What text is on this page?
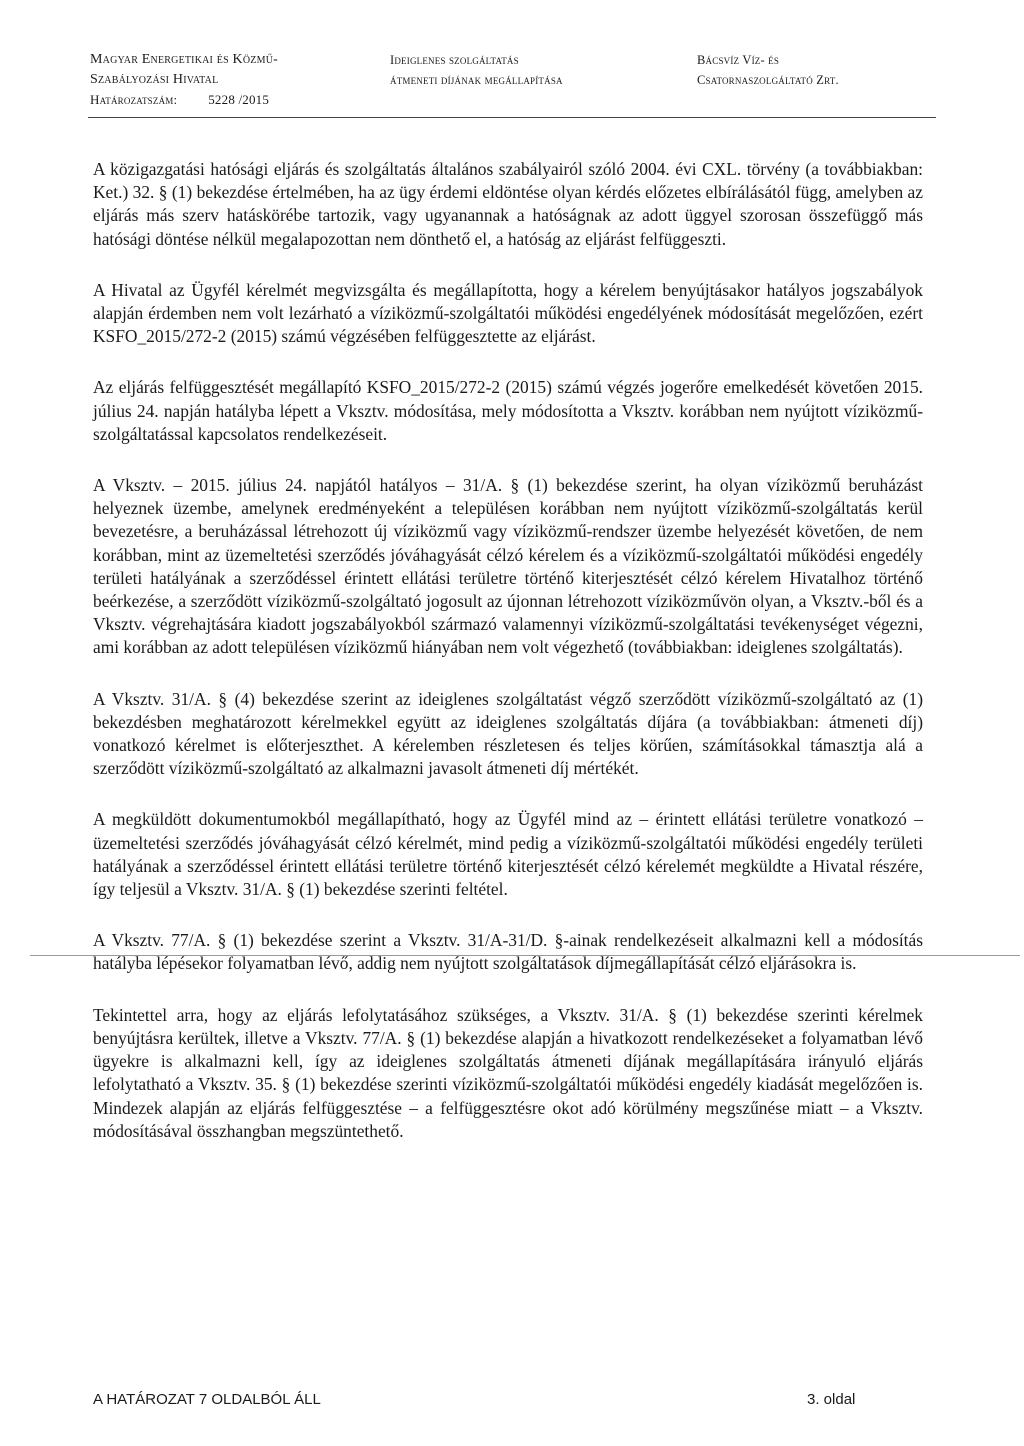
Magyar Energetikai és Közmű-
Szabályozási Hivatal
Határozatszám: 5228 /2015
Ideiglenes szolgáltatás
átmeneti díjának megállapítása
Bácsvíz Víz- és
Csatornaszolgáltató Zrt.

A közigazgatási hatósági eljárás és szolgáltatás általános szabályairól szóló 2004. évi CXL. törvény (a továbbiakban: Ket.) 32. § (1) bekezdése értelmében, ha az ügy érdemi eldöntése olyan kérdés előzetes elbírálásától függ, amelyben az eljárás más szerv hatáskörébe tartozik, vagy ugyanannak a hatóságnak az adott üggyel szorosan összefüggő más hatósági döntése nélkül megalapozottan nem dönthető el, a hatóság az eljárást felfüggeszti.

A Hivatal az Ügyfél kérelmét megvizsgálta és megállapította, hogy a kérelem benyújtásakor hatályos jogszabályok alapján érdemben nem volt lezárható a víziközmű-szolgáltatói működési engedélyének módosítását megelőzően, ezért KSFO_2015/272-2 (2015) számú végzésében felfüggesztette az eljárást.

Az eljárás felfüggesztését megállapító KSFO_2015/272-2 (2015) számú végzés jogerőre emelkedését követően 2015. július 24. napján hatályba lépett a Vksztv. módosítása, mely módosította a Vksztv. korábban nem nyújtott víziközmű-szolgáltatással kapcsolatos rendelkezéseit.

A Vksztv. – 2015. július 24. napjától hatályos – 31/A. § (1) bekezdése szerint, ha olyan víziközmű beruházást helyeznek üzembe, amelynek eredményeként a településen korábban nem nyújtott víziközmű-szolgáltatás kerül bevezetésre, a beruházással létrehozott új víziközmű vagy víziközmű-rendszer üzembe helyezését követően, de nem korábban, mint az üzemeltetési szerződés jóváhagyását célzó kérelem és a víziközmű-szolgáltatói működési engedély területi hatályának a szerződéssel érintett ellátási területre történő kiterjesztését célzó kérelem Hivatalhoz történő beérkezése, a szerződött víziközmű-szolgáltató jogosult az újonnan létrehozott víziközművön olyan, a Vksztv.-ből és a Vksztv. végrehajtására kiadott jogszabályokból származó valamennyi víziközmű-szolgáltatási tevékenységet végezni, ami korábban az adott településen víziközmű hiányában nem volt végezhető (továbbiakban: ideiglenes szolgáltatás).

A Vksztv. 31/A. § (4) bekezdése szerint az ideiglenes szolgáltatást végző szerződött víziközmű-szolgáltató az (1) bekezdésben meghatározott kérelmekkel együtt az ideiglenes szolgáltatás díjára (a továbbiakban: átmeneti díj) vonatkozó kérelmet is előterjeszthet. A kérelemben részletesen és teljes körűen, számításokkal támasztja alá a szerződött víziközmű-szolgáltató az alkalmazni javasolt átmeneti díj mértékét.

A megküldött dokumentumokból megállapítható, hogy az Ügyfél mind az – érintett ellátási területre vonatkozó – üzemeltetési szerződés jóváhagyását célzó kérelmét, mind pedig a víziközmű-szolgáltatói működési engedély területi hatályának a szerződéssel érintett ellátási területre történő kiterjesztését célzó kérelemét megküldte a Hivatal részére, így teljesül a Vksztv. 31/A. § (1) bekezdése szerinti feltétel.

A Vksztv. 77/A. § (1) bekezdése szerint a Vksztv. 31/A-31/D. §-ainak rendelkezéseit alkalmazni kell a módosítás hatályba lépésekor folyamatban lévő, addig nem nyújtott szolgáltatások díjmegállapítását célzó eljárásokra is.

Tekintettel arra, hogy az eljárás lefolytatásához szükséges, a Vksztv. 31/A. § (1) bekezdése szerinti kérelmek benyújtásra kerültek, illetve a Vksztv. 77/A. § (1) bekezdése alapján a hivatkozott rendelkezéseket a folyamatban lévő ügyekre is alkalmazni kell, így az ideiglenes szolgáltatás átmeneti díjának megállapítására irányuló eljárás lefolytatható a Vksztv. 35. § (1) bekezdése szerinti víziközmű-szolgáltatói működési engedély kiadását megelőzően is. Mindezek alapján az eljárás felfüggesztése – a felfüggesztésre okot adó körülmény megszűnése miatt – a Vksztv. módosításával összhangban megszüntethető.

A HATÁROZAT 7 OLDALBÓL ÁLL	3. oldal
